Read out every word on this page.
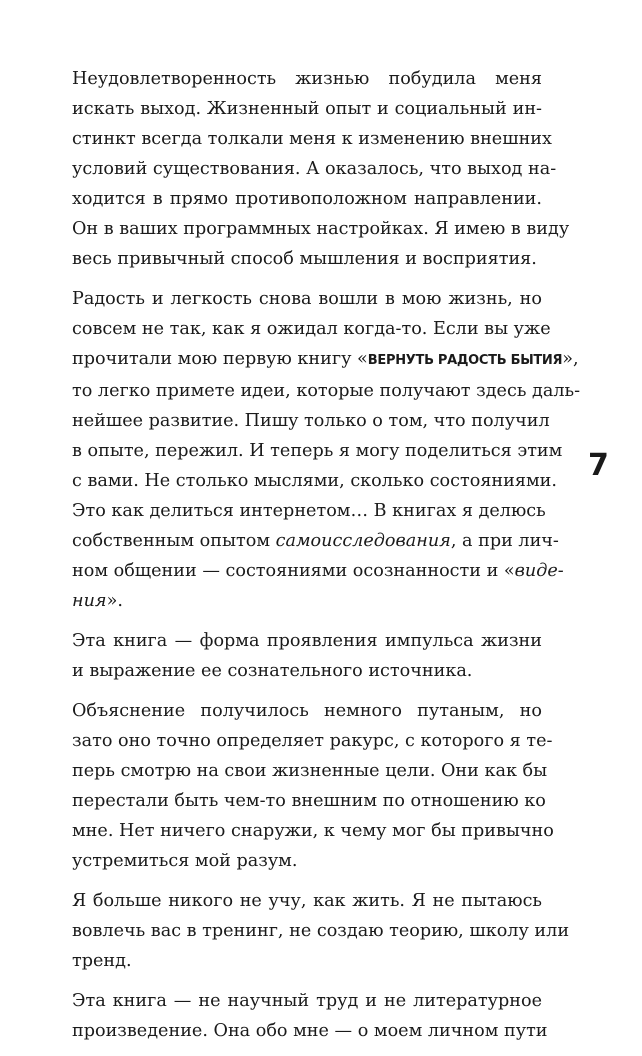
Неудовлетворенность жизнью побудила меня
искать выход. Жизненный опыт и социальный ин-
стинкт всегда толкали меня к изменению внешних
условий существования. А оказалось, что выход на-
ходится в прямо противоположном направлении.
Он в ваших программных настройках. Я имею в виду
весь привычный способ мышления и восприятия.

Радость и легкость снова вошли в мою жизнь, но
совсем не так, как я ожидал когда-то. Если вы уже
прочитали мою первую книгу «ВЕРНУТЬ РАДОСТЬ БЫТИЯ»,
то легко примете идеи, которые получают здесь даль-
нейшее развитие. Пишу только о том, что получил
в опыте, пережил. И теперь я могу поделиться этим
с вами. Не столько мыслями, сколько состояниями.
Это как делиться интернетом… В книгах я делюсь
собственным опытом самоисследования, а при лич-
ном общении — состояниями осознанности и «виде-
ния».

Эта книга — форма проявления импульса жизни
и выражение ее сознательного источника.

Объяснение получилось немного путаным, но
зато оно точно определяет ракурс, с которого я те-
перь смотрю на свои жизненные цели. Они как бы
перестали быть чем-то внешним по отношению ко
мне. Нет ничего снаружи, к чему мог бы привычно
устремиться мой разум.

Я больше никого не учу, как жить. Я не пытаюсь
вовлечь вас в тренинг, не создаю теорию, школу или
тренд.

Эта книга — не научный труд и не литературное
произведение. Она обо мне — о моем личном пути

7
